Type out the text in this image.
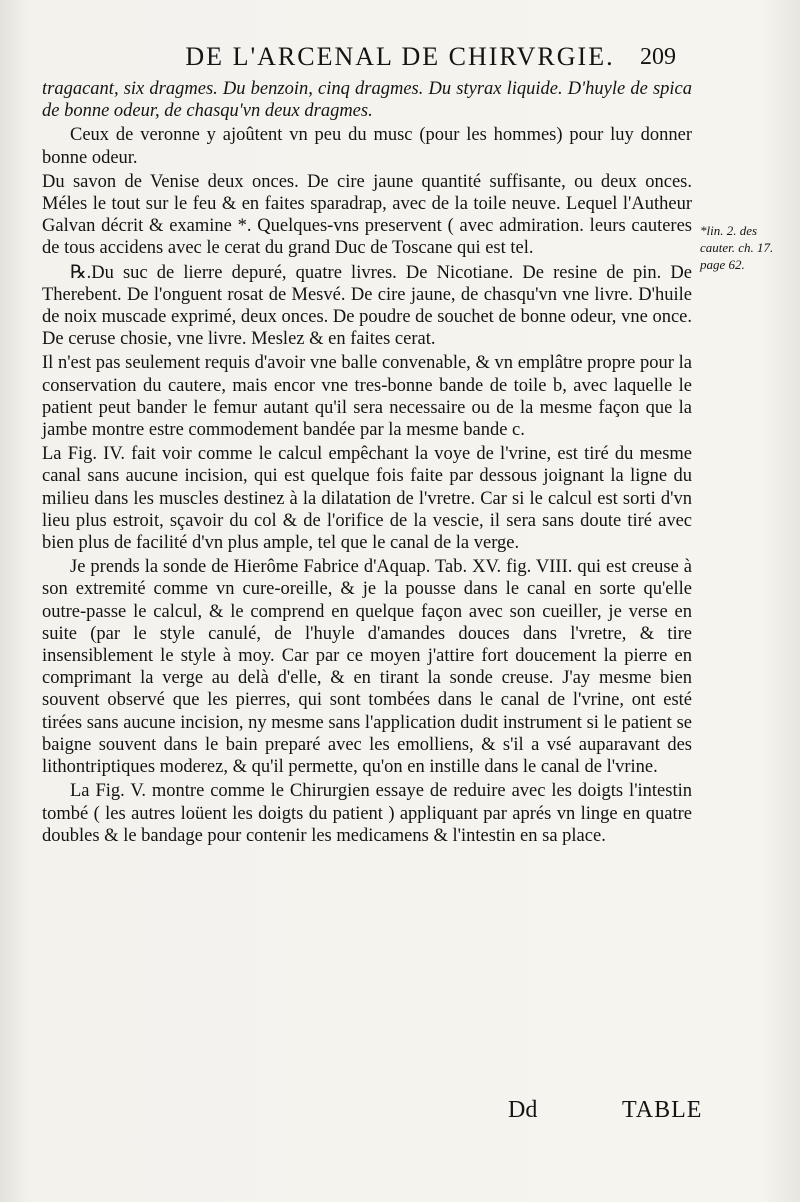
DE L'ARCENAL DE CHIRVRGIE.	209

tragacant, six dragmes. Du benzoin, cinq dragmes. Du styrax liquide. D'huyle de spica de bonne odeur, de chasqu'vn deux dragmes.

Ceux de veronne y ajoûtent vn peu du musc (pour les hommes) pour luy donner bonne odeur.

Du savon de Venise deux onces. De cire jaune quantité suffisante, ou deux onces. Méles le tout sur le feu & en faites sparadrap, avec de la toile neuve. Lequel l'Autheur Galvan décrit & examine *. Quelques-vns preservent ( avec admiration. leurs cauteres de tous accidens avec le cerat du grand Duc de Toscane qui est tel.

℞.Du suc de lierre depuré, quatre livres. De Nicotiane. De resine de pin. De Therebent. De l'onguent rosat de Mesvé. De cire jaune, de chasqu'vn vne livre. D'huile de noix muscade exprimé, deux onces. De poudre de souchet de bonne odeur, vne once. De ceruse chosie, vne livre. Meslez & en faites cerat.

Il n'est pas seulement requis d'avoir vne balle convenable, & vn emplâtre propre pour la conservation du cautere, mais encor vne tres-bonne bande de toile b, avec laquelle le patient peut bander le femur autant qu'il sera necessaire ou de la mesme façon que la jambe montre estre commodement bandée par la mesme bande c.

La Fig. IV. fait voir comme le calcul empêchant la voye de l'vrine, est tiré du mesme canal sans aucune incision, qui est quelque fois faite par dessous joignant la ligne du milieu dans les muscles destinez à la dilatation de l'vretre. Car si le calcul est sorti d'vn lieu plus estroit, sçavoir du col & de l'orifice de la vescie, il sera sans doute tiré avec bien plus de facilité d'vn plus ample, tel que le canal de la verge.

Je prends la sonde de Hierôme Fabrice d'Aquap. Tab. XV. fig. VIII. qui est creuse à son extremité comme vn cure-oreille, & je la pousse dans le canal en sorte qu'elle outre-passe le calcul, & le comprend en quelque façon avec son cueiller, je verse en suite (par le style canulé, de l'huyle d'amandes douces dans l'vretre, & tire insensiblement le style à moy. Car par ce moyen j'attire fort doucement la pierre en comprimant la verge au delà d'elle, & en tirant la sonde creuse. J'ay mesme bien souvent observé que les pierres, qui sont tombées dans le canal de l'vrine, ont esté tirées sans aucune incision, ny mesme sans l'application dudit instrument si le patient se baigne souvent dans le bain preparé avec les emolliens, & s'il a vsé auparavant des lithontriptiques moderez, & qu'il permette, qu'on en instille dans le canal de l'vrine.

La Fig. V. montre comme le Chirurgien essaye de reduire avec les doigts l'intestin tombé ( les autres loüent les doigts du patient ) appliquant par aprés vn linge en quatre doubles & le bandage pour contenir les medicamens & l'intestin en sa place.

*lin. 2. des cauter. ch. 17. page 62.
Dd	TABLE
